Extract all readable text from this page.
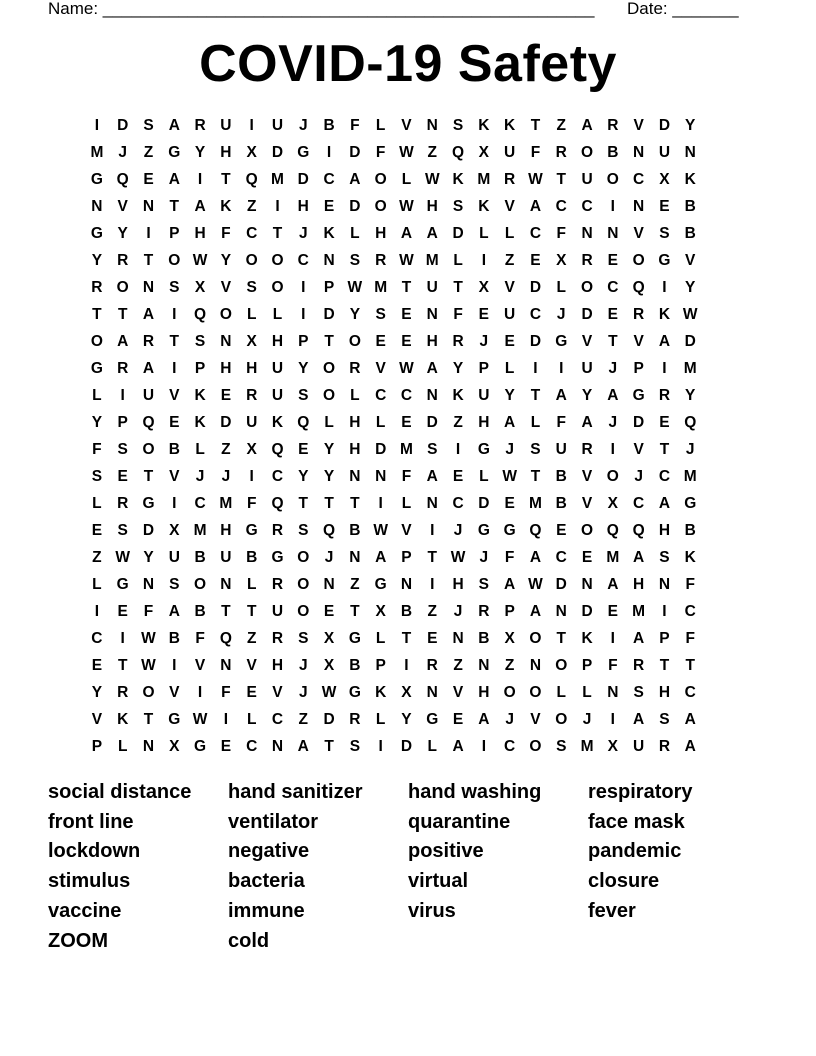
Name: ____________________________________________________ Date: _______
COVID-19 Safety
I	D S A R U	I	U	J	B F	L	V N S K K T	Z A R V D Y
M J	Z G Y H X D G	I	D F W Z Q X U F R O B N U N
G Q E A	I	T Q M D C A O L W K M R W T U O C X K
N V N T A K Z	I	H E D O W H S K V A C C	I	N E B
G Y	I	P H F C T	J	K L H A A D L	L C F N N V S B
Y R T O W Y O O C N S R W M L	I	Z	E X R E O G V
R O N S X V S O	I	P W M T U T	X V D L O C Q	I	Y
T	T A	I	Q O L	L	I	D Y S E N F	E U C	J	D E R K W
O A R T	S N X H P	T O E E H R	J	E D G V	T	V A D
G R A	I	P H H U Y O R V W A Y P	L	I	I	U	J	P	I	M
L	I	U V K E R U S O L C C N K U Y	T A Y A G R Y
Y P Q E K D U K Q L H L	E D Z H A L	F A	J	D E Q
F	S O B L	Z	X Q E Y H D M S	I	G J	S U R	I	V	T	J
S E	T	V	J	J	I	C Y Y N N F A E	L W T B V O J	C M
L R G	I	C M F Q T	T	T	I	L N C D E M B V X C A G
E S D X M H G R S Q B W V	I	J G G Q E O Q Q H B
Z W Y U B U B G O J	N A P	T W J	F A C E M A S K
L G N S O N L R O N Z G N	I	H S A W D N A H N F
I	E	F A B T	T U O E	T	X B Z	J	R P A N D E M	I	C
C	I	W B F Q Z R S X G L	T	E N B X O T K	I	A P	F
E	T W	I	V N V H	J	X B P	I	R Z N Z N O P	F R T	T
Y R O V	I	F	E V	J W G K X N V H O O L	L N S H C
V K T G W	I	L C Z D R L	Y G E A	J	V O J	I	A S A
P	L N X G E C N A T	S	I	D L A	I	C O S M X U R A
social distance	hand sanitizer	hand washing	respiratory
front line	ventilator	quarantine	face mask
lockdown	negative	positive	pandemic
stimulus	bacteria	virtual	closure
vaccine	immune	virus	fever
ZOOM	cold
